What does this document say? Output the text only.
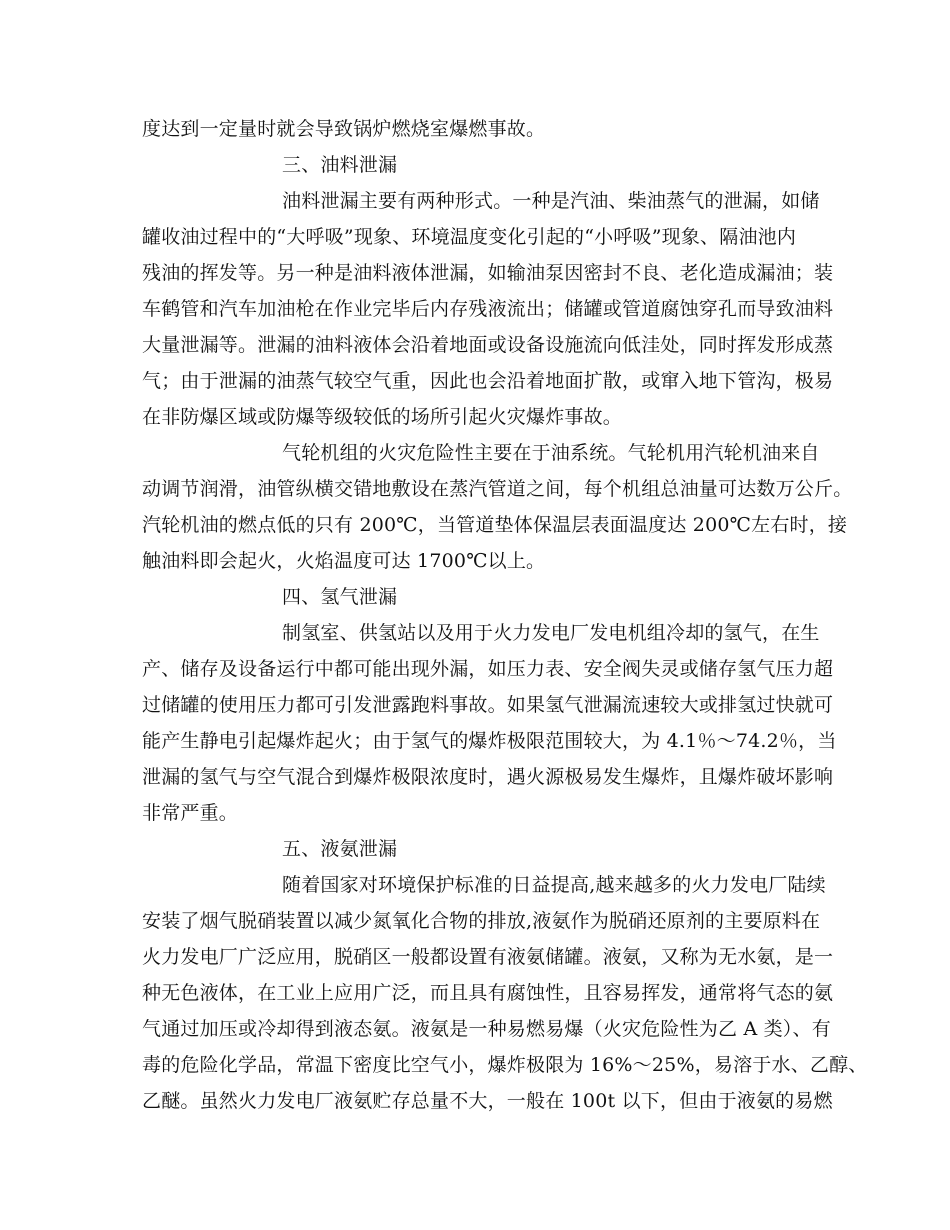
度达到一定量时就会导致锅炉燃烧室爆燃事故。
三、油料泄漏
油料泄漏主要有两种形式。一种是汽油、柴油蒸气的泄漏，如储
罐收油过程中的“大呼吸”现象、环境温度变化引起的“小呼吸”现象、隔油池内
残油的挥发等。另一种是油料液体泄漏，如输油泵因密封不良、老化造成漏油；装
车鹤管和汽车加油枪在作业完毕后内存残液流出；储罐或管道腐蚀穿孔而导致油料
大量泄漏等。泄漏的油料液体会沿着地面或设备设施流向低洼处，同时挥发形成蒸
气；由于泄漏的油蒸气较空气重，因此也会沿着地面扩散，或窜入地下管沟，极易
在非防爆区域或防爆等级较低的场所引起火灾爆炸事故。
气轮机组的火灾危险性主要在于油系统。气轮机用汽轮机油来自
动调节润滑，油管纵横交错地敷设在蒸汽管道之间，每个机组总油量可达数万公斤。
汽轮机油的燃点低的只有 200℃，当管道垫体保温层表面温度达 200℃左右时，接
触油料即会起火，火焰温度可达 1700℃以上。
四、氢气泄漏
制氢室、供氢站以及用于火力发电厂发电机组冷却的氢气，在生
产、储存及设备运行中都可能出现外漏，如压力表、安全阀失灵或储存氢气压力超
过储罐的使用压力都可引发泄露跑料事故。如果氢气泄漏流速较大或排氢过快就可
能产生静电引起爆炸起火；由于氢气的爆炸极限范围较大，为 4.1％～74.2％，当
泄漏的氢气与空气混合到爆炸极限浓度时，遇火源极易发生爆炸，且爆炸破坏影响
非常严重。
五、液氨泄漏
随着国家对环境保护标准的日益提高,越来越多的火力发电厂陆续
安装了烟气脱硝装置以减少氮氧化合物的排放,液氨作为脱硝还原剂的主要原料在
火力发电厂广泛应用，脱硝区一般都设置有液氨储罐。液氨，又称为无水氨，是一
种无色液体，在工业上应用广泛，而且具有腐蚀性，且容易挥发，通常将气态的氨
气通过加压或冷却得到液态氨。液氨是一种易燃易爆（火灾危险性为乙 A 类）、有
毒的危险化学品，常温下密度比空气小，爆炸极限为 16%～25%，易溶于水、乙醇、
乙醚。虽然火力发电厂液氨贮存总量不大，一般在 100t 以下，但由于液氨的易燃
